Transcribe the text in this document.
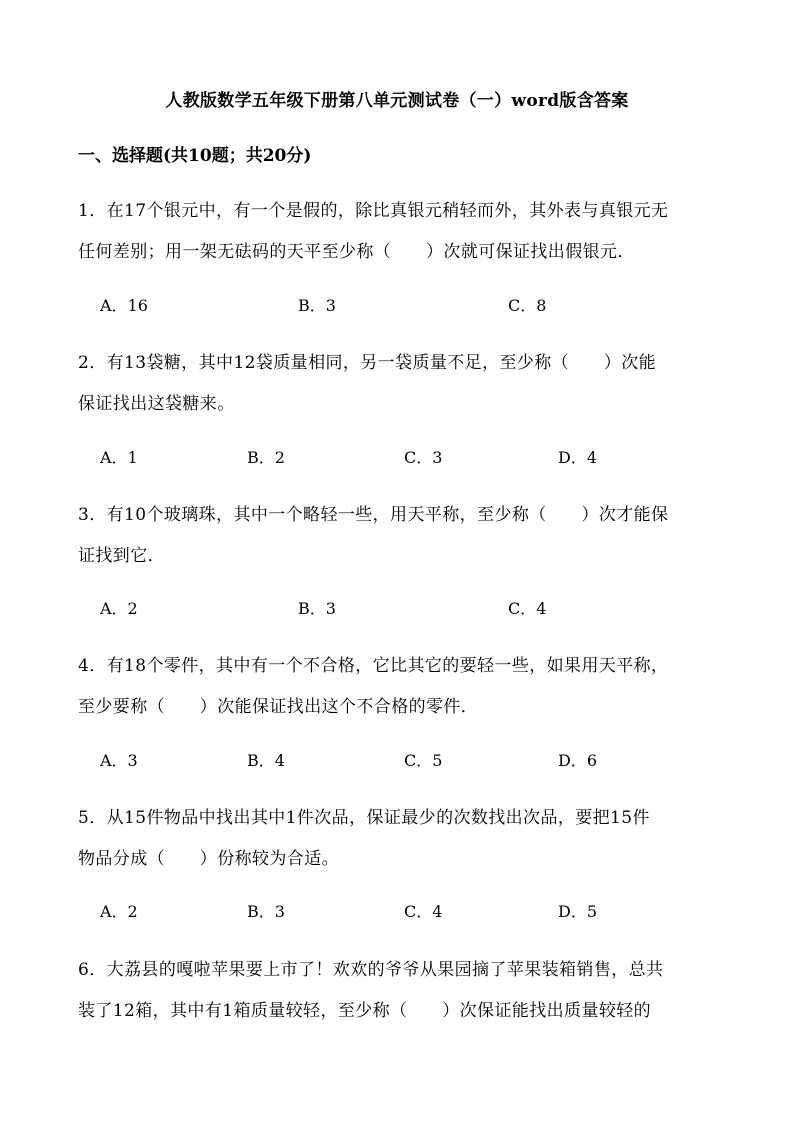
人教版数学五年级下册第八单元测试卷（一）word版含答案
一、选择题(共10题；共20分)
1．在17个银元中，有一个是假的，除比真银元稍轻而外，其外表与真银元无
任何差别；用一架无砝码的天平至少称（　　）次就可保证找出假银元．
A．16	B．3	C．8
2．有13袋糖，其中12袋质量相同，另一袋质量不足，至少称（　　）次能
保证找出这袋糖来。
A．1	B．2	C．3	D．4
3．有10个玻璃珠，其中一个略轻一些，用天平称，至少称（　　）次才能保
证找到它．
A．2	B．3	C．4
4．有18个零件，其中有一个不合格，它比其它的要轻一些，如果用天平称，
至少要称（　　）次能保证找出这个不合格的零件．
A．3	B．4	C．5	D．6
5．从15件物品中找出其中1件次品，保证最少的次数找出次品，要把15件
物品分成（　　）份称较为合适。
A．2	B．3	C．4	D．5
6．大荔县的嘎啦苹果要上市了！欢欢的爷爷从果园摘了苹果装箱销售，总共
装了12箱，其中有1箱质量较轻，至少称（　　）次保证能找出质量较轻的
